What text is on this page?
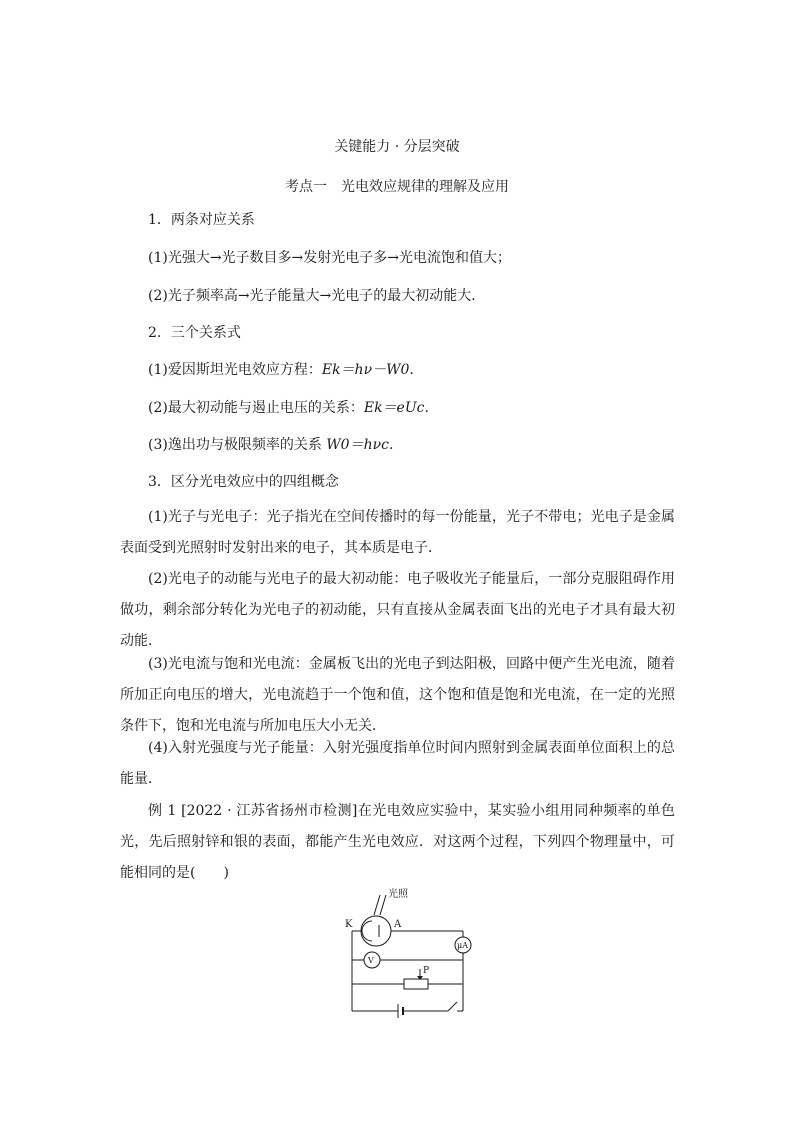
关键能力 · 分层突破
考点一　光电效应规律的理解及应用
1．两条对应关系
(1)光强大→光子数目多→发射光电子多→光电流饱和值大；
(2)光子频率高→光子能量大→光电子的最大初动能大．
2．三个关系式
(1)爱因斯坦光电效应方程：Ek＝hν－W0.
(2)最大初动能与遏止电压的关系：Ek＝eUc.
(3)逸出功与极限频率的关系 W0＝hνc.
3．区分光电效应中的四组概念
(1)光子与光电子：光子指光在空间传播时的每一份能量，光子不带电；光电子是金属表面受到光照射时发射出来的电子，其本质是电子．
(2)光电子的动能与光电子的最大初动能：电子吸收光子能量后，一部分克服阻碍作用做功，剩余部分转化为光电子的初动能，只有直接从金属表面飞出的光电子才具有最大初动能．
(3)光电流与饱和光电流：金属板飞出的光电子到达阳极，回路中便产生光电流，随着所加正向电压的增大，光电流趋于一个饱和值，这个饱和值是饱和光电流，在一定的光照条件下，饱和光电流与所加电压大小无关．
(4)入射光强度与光子能量：入射光强度指单位时间内照射到金属表面单位面积上的总能量．
例 1 [2022 · 江苏省扬州市检测]在光电效应实验中，某实验小组用同种频率的单色光，先后照射锌和银的表面，都能产生光电效应．对这两个过程，下列四个物理量中，可能相同的是(　　)
光照
K	A
μA
V
P
